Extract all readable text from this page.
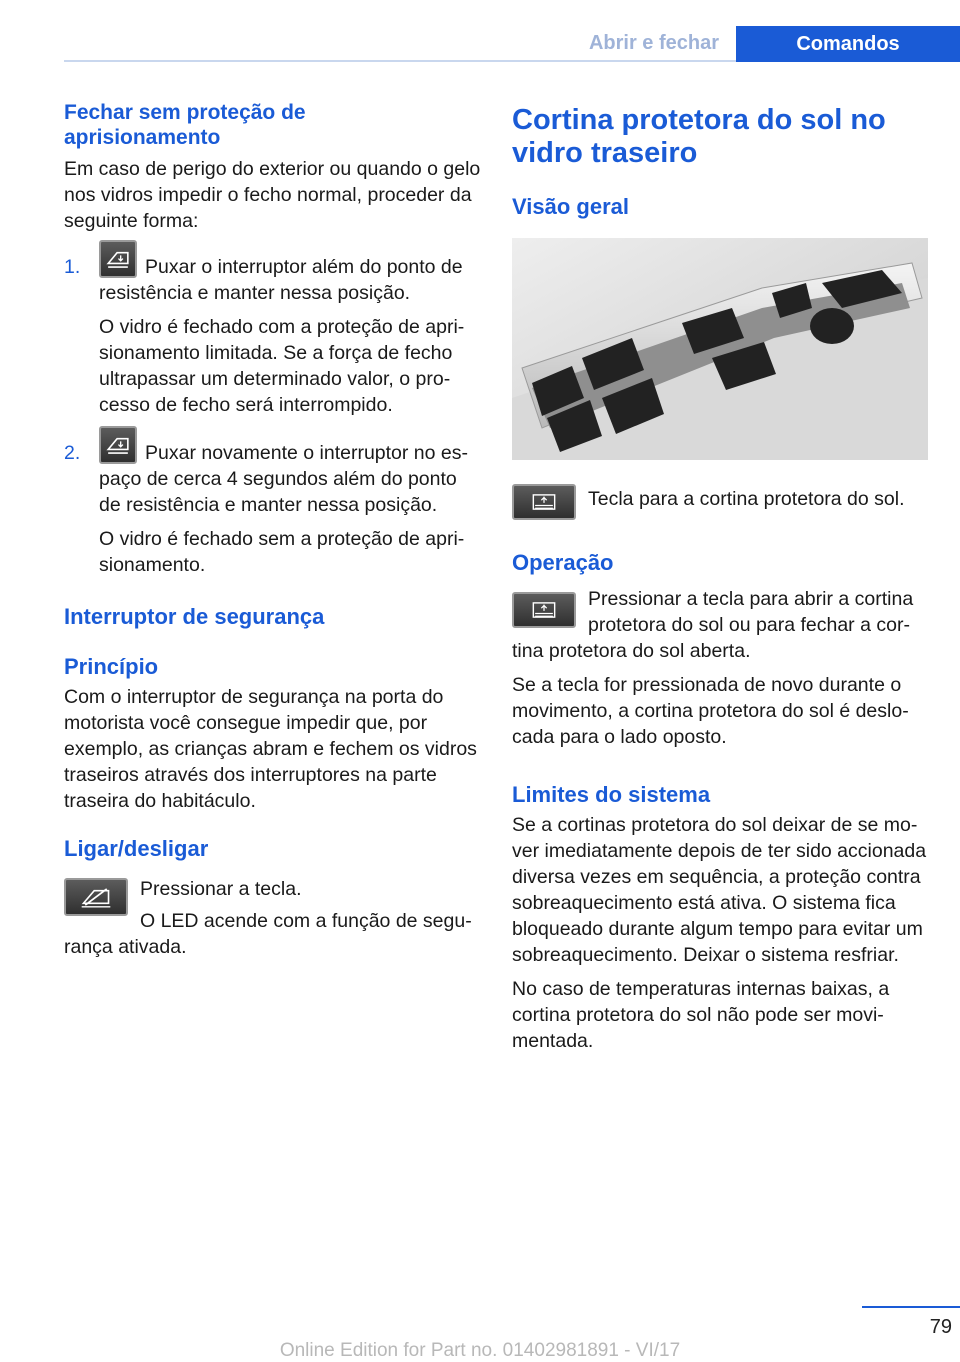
Abrir e fechar	Comandos
Fechar sem proteção de aprisionamento

Em caso de perigo do exterior ou quando o gelo nos vidros impedir o fecho normal, proceder da seguinte forma:

1.	Puxar o interruptor além do ponto de resistência e manter nessa posição.

O vidro é fechado com a proteção de aprisionamento limitada. Se a força de fecho ultrapassar um determinado valor, o processo de fecho será interrompido.

2.	Puxar novamente o interruptor no espaço de cerca 4 segundos além do ponto de resistência e manter nessa posição.

O vidro é fechado sem a proteção de aprisionamento.

Interruptor de segurança
Princípio

Com o interruptor de segurança na porta do motorista você consegue impedir que, por exemplo, as crianças abram e fechem os vidros traseiros através dos interruptores na parte traseira do habitáculo.

Ligar/desligar

Pressionar a tecla.

O LED acende com a função de segurança ativada.

Cortina protetora do sol no vidro traseiro
Visão geral

Tecla para a cortina protetora do sol.

Operação

Pressionar a tecla para abrir a cortina protetora do sol ou para fechar a cortina protetora do sol aberta.

Se a tecla for pressionada de novo durante o movimento, a cortina protetora do sol é deslocada para o lado oposto.

Limites do sistema

Se a cortinas protetora do sol deixar de se mover imediatamente depois de ter sido accionada diversa vezes em sequência, a proteção contra sobreaquecimento está ativa. O sistema fica bloqueado durante algum tempo para evitar um sobreaquecimento. Deixar o sistema resfriar.

No caso de temperaturas internas baixas, a cortina protetora do sol não pode ser movimentada.

79
Online Edition for Part no. 01402981891 - VI/17
